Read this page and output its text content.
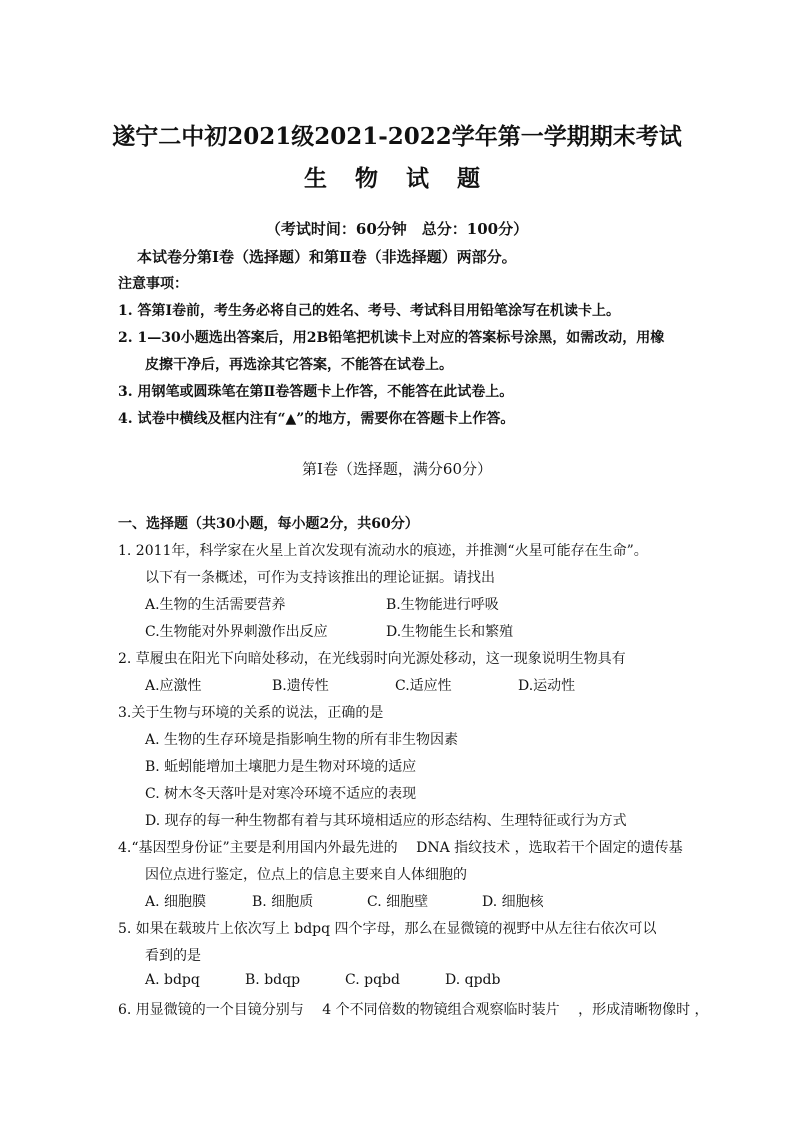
遂宁二中初2021级2021-2022学年第一学期期末考试
生 物 试 题
（考试时间：60分钟　总分：100分）
本试卷分第Ⅰ卷（选择题）和第Ⅱ卷（非选择题）两部分。
注意事项：
1. 答第Ⅰ卷前，考生务必将自己的姓名、考号、考试科目用铅笔涂写在机读卡上。
2. 1—30小题选出答案后，用2B铅笔把机读卡上对应的答案标号涂黑，如需改动，用橡
皮擦干净后，再选涂其它答案，不能答在试卷上。
3. 用钢笔或圆珠笔在第Ⅱ卷答题卡上作答，不能答在此试卷上。
4. 试卷中横线及框内注有“▲”的地方，需要你在答题卡上作答。
第Ⅰ卷（选择题，满分60分）
一、选择题（共30小题，每小题2分，共60分）
1. 2011年，科学家在火星上首次发现有流动水的痕迹，并推测“火星可能存在生命”。
以下有一条概述，可作为支持该推出的理论证据。请找出
A.生物的生活需要营养	B.生物能进行呼吸
C.生物能对外界刺激作出反应	D.生物能生长和繁殖
2. 草履虫在阳光下向暗处移动，在光线弱时向光源处移动，这一现象说明生物具有
A.应激性	B.遗传性	C.适应性	D.运动性
3.关于生物与环境的关系的说法，正确的是
A. 生物的生存环境是指影响生物的所有非生物因素
B. 蚯蚓能增加土壤肥力是生物对环境的适应
C. 树木冬天落叶是对寒冷环境不适应的表现
D. 现存的每一种生物都有着与其环境相适应的形态结构、生理特征或行为方式
4.“基因型身份证”主要是利用国内外最先进的　 DNA 指纹技术 ，选取若干个固定的遗传基
因位点进行鉴定，位点上的信息主要来自人体细胞的
A. 细胞膜	B. 细胞质	C. 细胞壁	D. 细胞核
5. 如果在载玻片上依次写上 bdpq 四个字母，那么在显微镜的视野中从左往右依次可以
看到的是
A. bdpq	B. bdqp	C. pqbd	D. qpdb
6. 用显微镜的一个目镜分别与　 4 个不同倍数的物镜组合观察临时装片　 ，形成清晰物像时 ，
